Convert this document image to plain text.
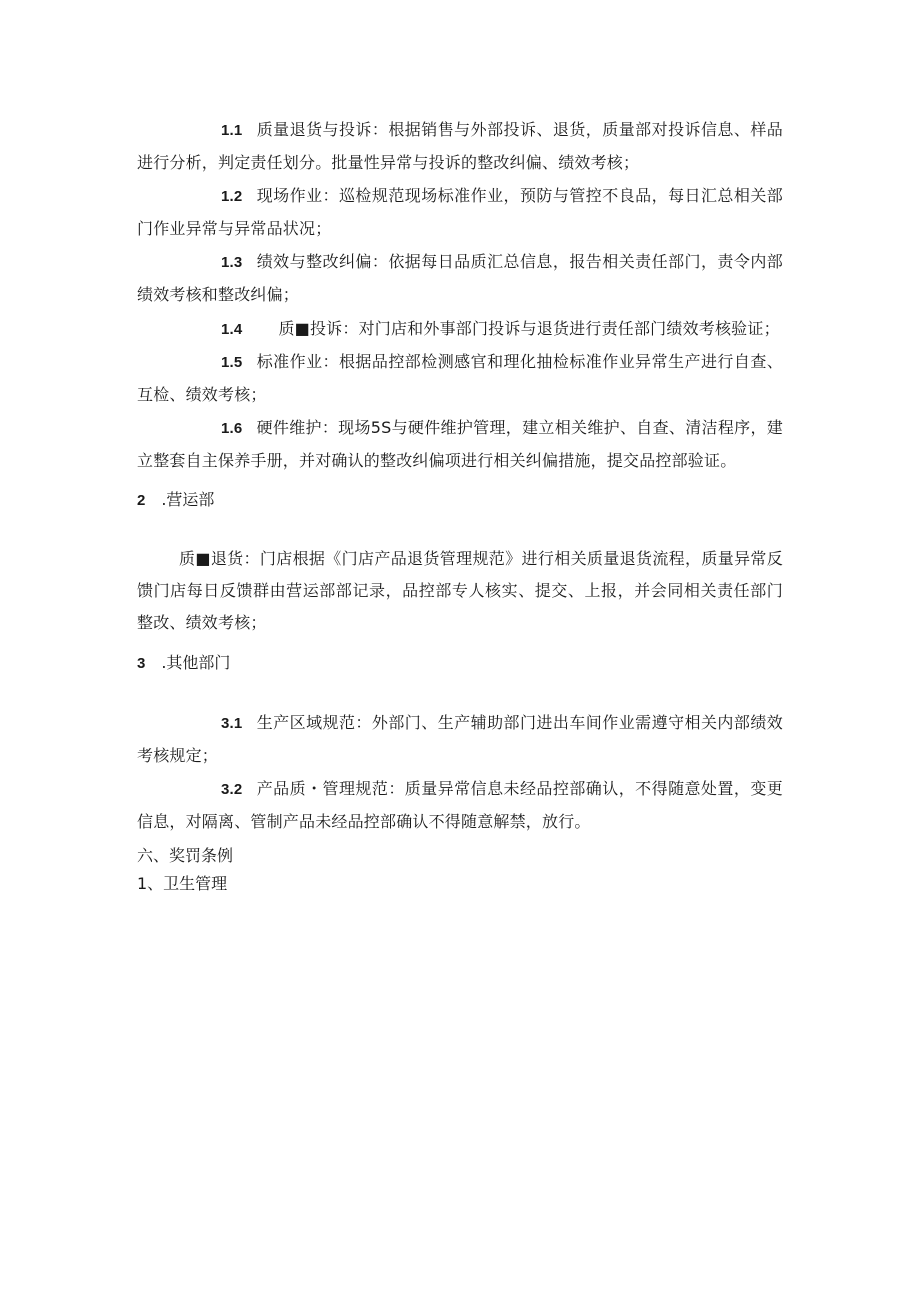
1.1 质量退货与投诉：根据销售与外部投诉、退货，质量部对投诉信息、样品进行分析，判定责任划分。批量性异常与投诉的整改纠偏、绩效考核；

1.2 现场作业：巡检规范现场标准作业，预防与管控不良品，每日汇总相关部门作业异常与异常品状况；

1.3 绩效与整改纠偏：依据每日品质汇总信息，报告相关责任部门，责令内部绩效考核和整改纠偏；

1.4 质■投诉：对门店和外事部门投诉与退货进行责任部门绩效考核验证；

1.5 标准作业：根据品控部检测感官和理化抽检标准作业异常生产进行自查、互检、绩效考核；

1.6 硬件维护：现场5S与硬件维护管理，建立相关维护、自查、清洁程序，建立整套自主保养手册，并对确认的整改纠偏项进行相关纠偏措施，提交品控部验证。

2 .营运部

质■退货：门店根据《门店产品退货管理规范》进行相关质量退货流程，质量异常反馈门店每日反馈群由营运部部记录，品控部专人核实、提交、上报，并会同相关责任部门整改、绩效考核；

3 .其他部门

3.1 生产区域规范：外部门、生产辅助部门进出车间作业需遵守相关内部绩效考核规定；

3.2 产品质・管理规范：质量异常信息未经品控部确认，不得随意处置，变更信息，对隔离、管制产品未经品控部确认不得随意解禁，放行。

六、奖罚条例

1、卫生管理
